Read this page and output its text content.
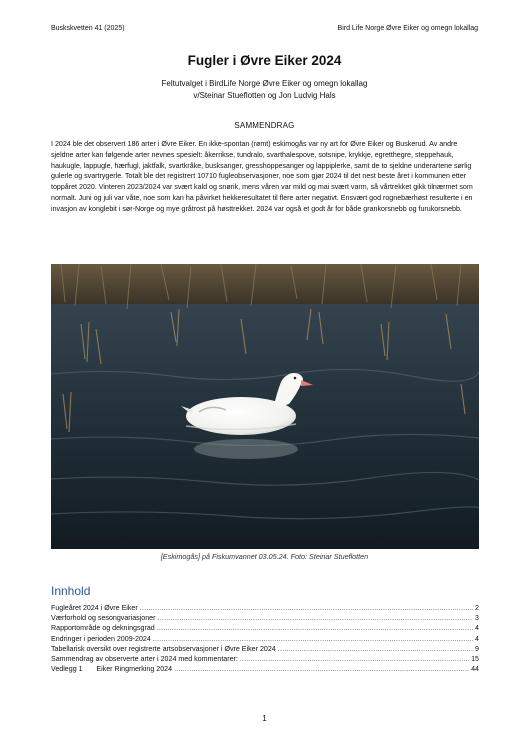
Buskskvetten 41 (2025)	Bird Life Norge Øvre Eiker og omegn lokallag
Fugler i Øvre Eiker 2024
Feltutvalget i BirdLife Norge Øvre Eiker og omegn lokallag
v/Steinar Stueflotten og Jon Ludvig Hals
SAMMENDRAG

I 2024 ble det observert 186 arter i Øvre Eiker. En ikke-spontan (rømt) eskimogås var ny art for Øvre Eiker og Buskerud. Av andre sjeldne arter kan følgende arter nevnes spesielt: åkerrikse, tundralo, svarthalespove, sotsnipe, krykkje, egretthegre, steppehauk, haukugle, lappugle, hærfugl, jaktfalk, svartkråke, busksanger, gresshoppesanger og lappiplerke, samt de to sjeldne underartene sørlig gulerle og svartrygerle. Totalt ble det registrert 10710 fugleobservasjoner, noe som gjør 2024 til det nest beste året i kommunen etter toppåret 2020. Vinteren 2023/2024 var svært kald og snørik, mens våren var mild og mai svært varm, så vårtrekket gikk tilnærmet som normalt. Juni og juli var våte, noe som kan ha påvirket hekkeresultatet til flere arter negativt. Ensvært god rognebærhøst resulterte i en invasjon av konglebit i sør-Norge og mye gråtrost på høsttrekket. 2024 var også et godt år for både grankorsnebb og furukorsnebb.

[Eskimogås] på Fiskumvannet 03.05.24. Foto: Steinar Stueflotten
Innhold
Fugleåret 2024 i Øvre Eiker .....	2
Værforhold og sesongvariasjoner .....	3
Rapportområde og dekningsgrad .....	4
Endringer i perioden 2009-2024 .....	4
Tabellarisk oversikt over registrerte artsobservasjoner i Øvre Eiker 2024 .....	9
Sammendrag av observerte arter i 2024 med kommentarer: .....	15
Vedlegg 1       Eiker Ringmerking 2024 .....	44
1
